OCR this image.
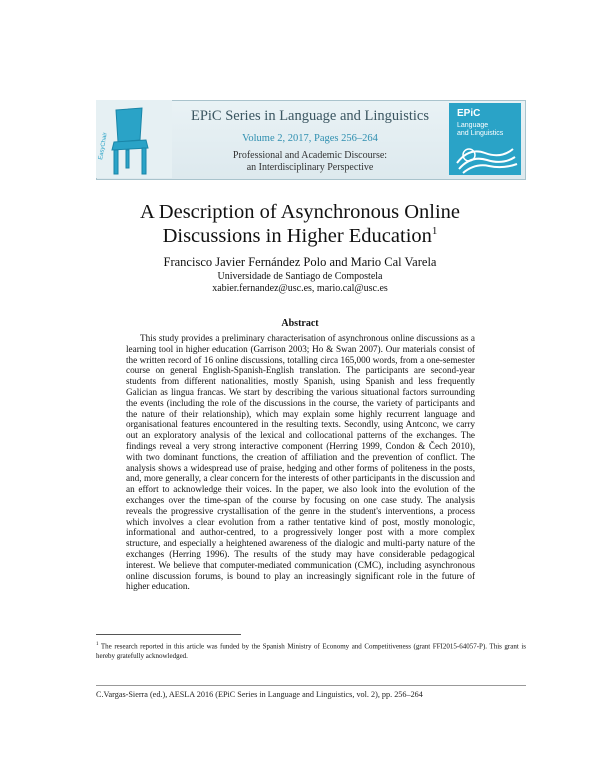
EasyChair
EPiC Series in Language and Linguistics
Volume 2, 2017, Pages 256–264
Professional and Academic Discourse:
an Interdisciplinary Perspective
EPiC
Language
and Linguistics
A Description of Asynchronous Online
Discussions in Higher Education$^1$
Francisco Javier Fernández Polo and Mario Cal Varela
Universidade de Santiago de Compostela
xabier.fernandez@usc.es, mario.cal@usc.es
Abstract

This study provides a preliminary characterisation of asynchronous online discussions as a learning tool in higher education (Garrison 2003; Ho & Swan 2007). Our materials consist of the written record of 16 online discussions, totalling circa 165,000 words, from a one-semester course on general English-Spanish-English translation. The participants are second-year students from different nationalities, mostly Spanish, using Spanish and less frequently Galician as lingua francas. We start by describing the various situational factors surrounding the events (including the role of the discussions in the course, the variety of participants and the nature of their relationship), which may explain some highly recurrent language and organisational features encountered in the resulting texts. Secondly, using Antconc, we carry out an exploratory analysis of the lexical and collocational patterns of the exchanges. The findings reveal a very strong interactive component (Herring 1999, Condon & Čech 2010), with two dominant functions, the creation of affiliation and the prevention of conflict. The analysis shows a widespread use of praise, hedging and other forms of politeness in the posts, and, more generally, a clear concern for the interests of other participants in the discussion and an effort to acknowledge their voices. In the paper, we also look into the evolution of the exchanges over the time-span of the course by focusing on one case study. The analysis reveals the progressive crystallisation of the genre in the student's interventions, a process which involves a clear evolution from a rather tentative kind of post, mostly monologic, informational and author-centred, to a progressively longer post with a more complex structure, and especially a heightened awareness of the dialogic and multi-party nature of the exchanges (Herring 1996). The results of the study may have considerable pedagogical interest. We believe that computer-mediated communication (CMC), including asynchronous online discussion forums, is bound to play an increasingly significant role in the future of higher education.

$^1$ The research reported in this article was funded by the Spanish Ministry of Economy and Competitiveness (grant FFI2015-64057-P). This grant is hereby gratefully acknowledged.

C.Vargas-Sierra (ed.), AESLA 2016 (EPiC Series in Language and Linguistics, vol. 2), pp. 256–264
